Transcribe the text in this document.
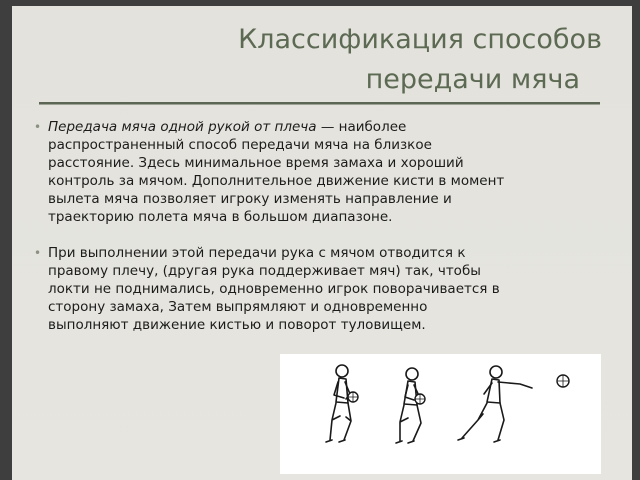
Классификация способов
передачи мяча

• Передача мяча одной рукой от плеча — наиболее распространенный способ передачи мяча на близкое расстояние. Здесь минимальное время замаха и хороший контроль за мячом. Дополнительное движение кисти в момент вылета мяча позволяет игроку изменять направление и траекторию полета мяча в большом диапазоне.

• При выполнении этой передачи рука с мячом отводится к правому плечу, (другая рука поддерживает мяч) так, чтобы локти не поднимались, одновременно игрок поворачивается в сторону замаха, Затем выпрямляют и одновременно выполняют движение кистью и поворот туловищем.
